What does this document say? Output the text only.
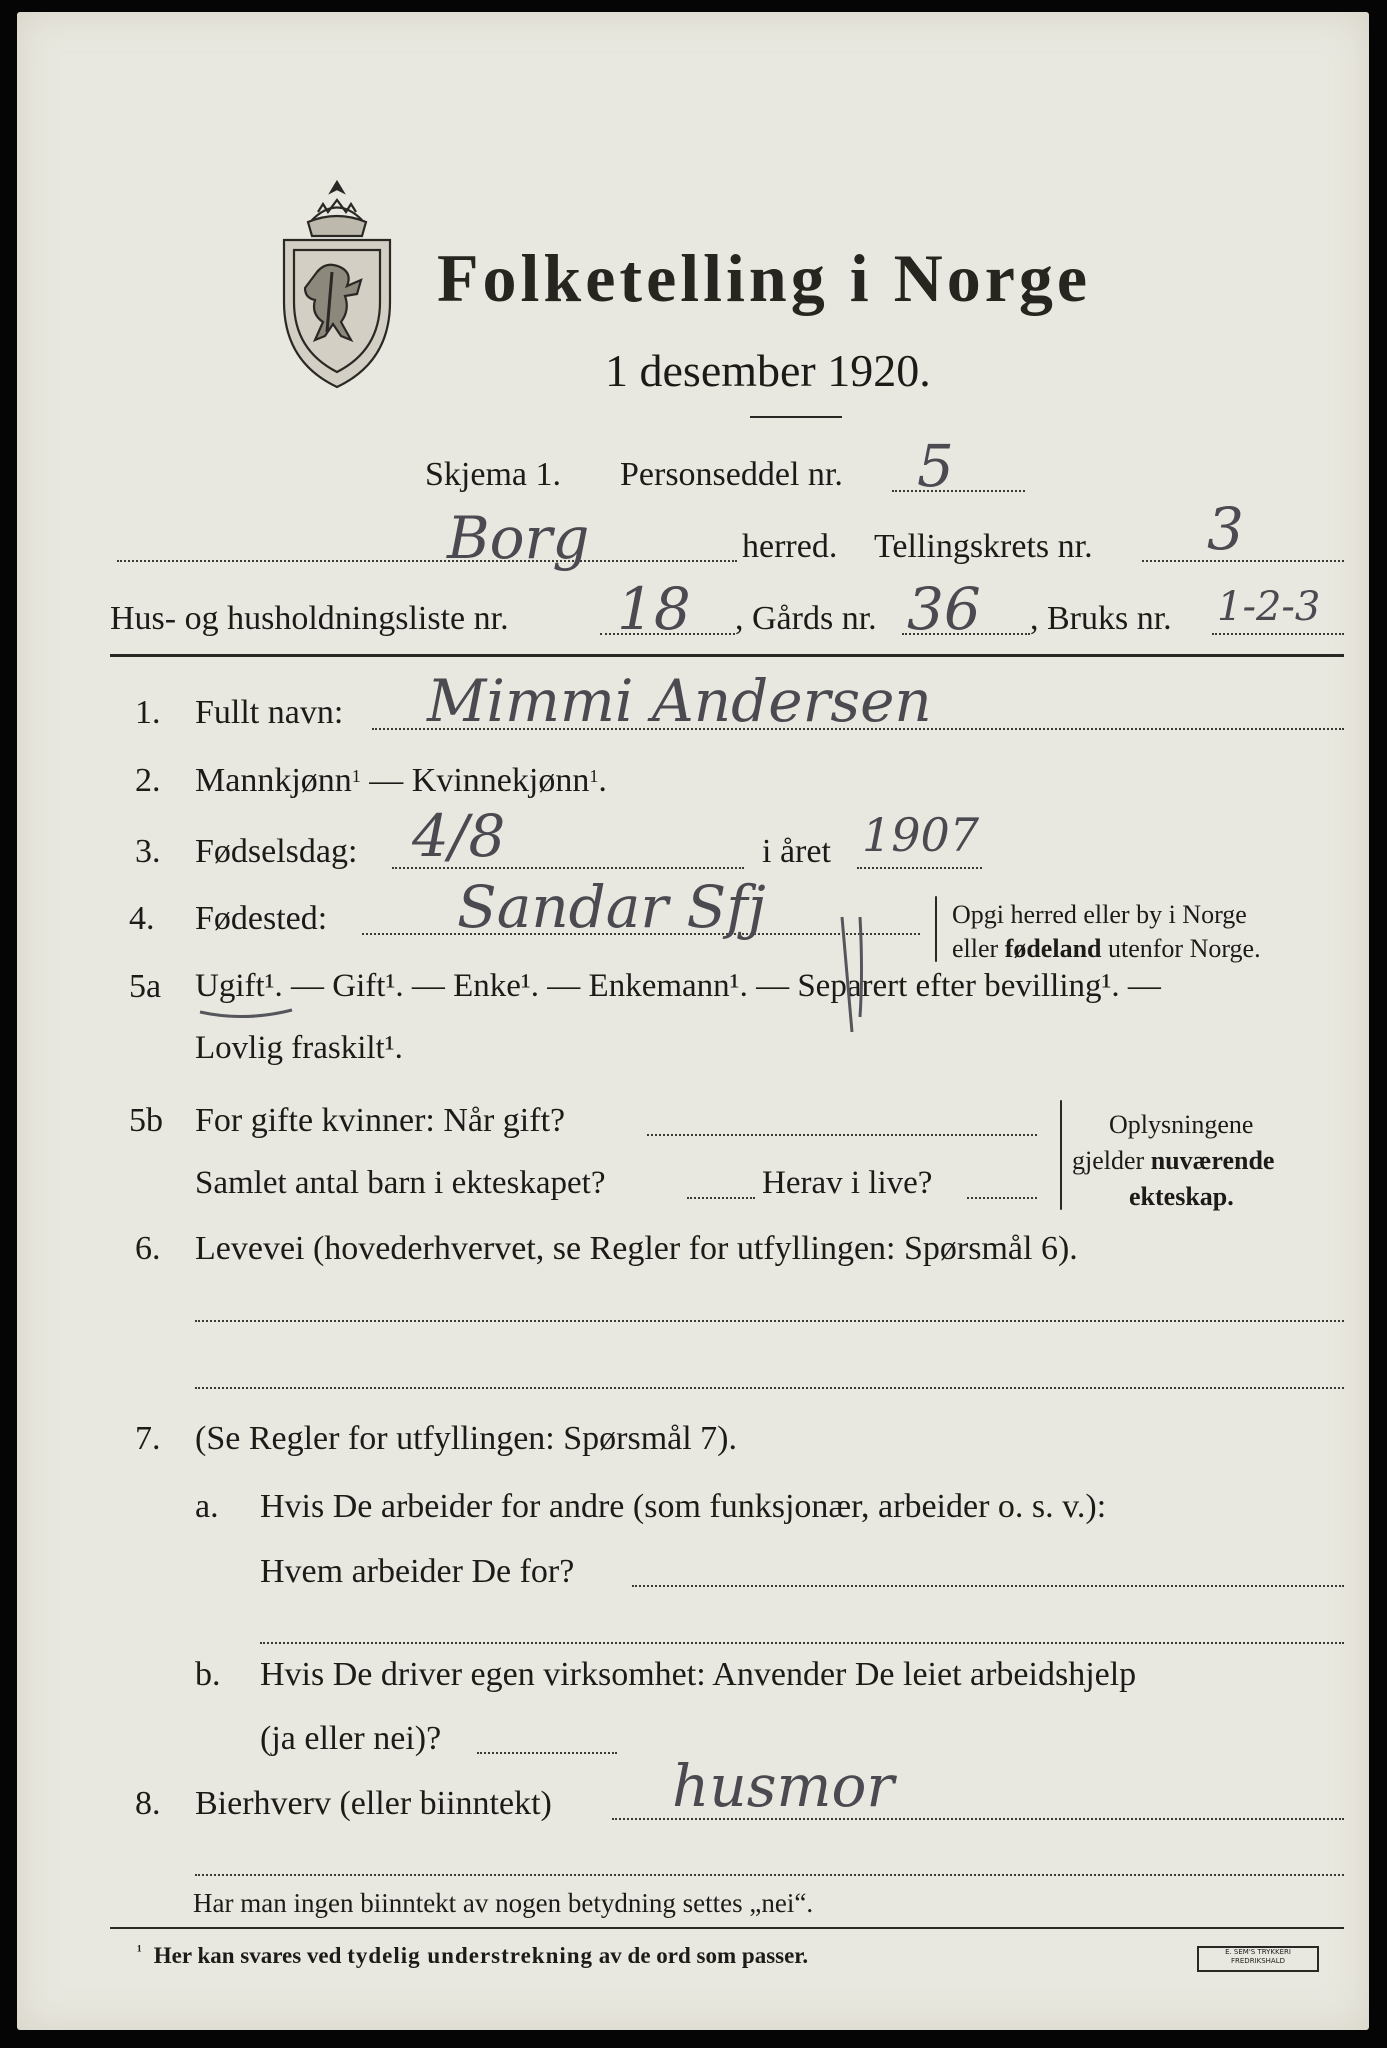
Folketelling i Norge
1 desember 1920.
Skjema 1. Personseddel nr. 5
Borg	herred. Tellingskrets nr. 3
Hus- og husholdningsliste nr. 18 , Gårds nr. 36 , Bruks nr. 1-2-3
1. Fullt navn: Mimmi Andersen
2. Mannkjønn$^1$ — Kvinnekjønn$^1$.
3. Fødselsdag: 4/8	i året 1907
4. Fødested: Sandar Sfj	Opgi herred eller by i Norge
eller fødeland utenfor Norge.
5a Ugift¹. — Gift¹. — Enke¹. — Enkemann¹. — Separert efter bevilling¹. —
Lovlig fraskilt¹.
5b For gifte kvinner: Når gift?
Samlet antal barn i ekteskapet?	Herav i live?
Oplysningene
gjelder nuværende
ekteskap.
6. Levevei (hovederhvervet, se Regler for utfyllingen: Spørsmål 6).
7. (Se Regler for utfyllingen: Spørsmål 7).
a. Hvis De arbeider for andre (som funksjonær, arbeider o. s. v.):
Hvem arbeider De for?
b. Hvis De driver egen virksomhet: Anvender De leiet arbeidshjelp
(ja eller nei)?
8. Bierhverv (eller biinntekt) husmor
Har man ingen biinntekt av nogen betydning settes „nei“.
$^{^1}$ Her kan svares ved tydelig understrekning av de ord som passer.	E. SEM'S TRYKKERI FREDRIKSHALD
